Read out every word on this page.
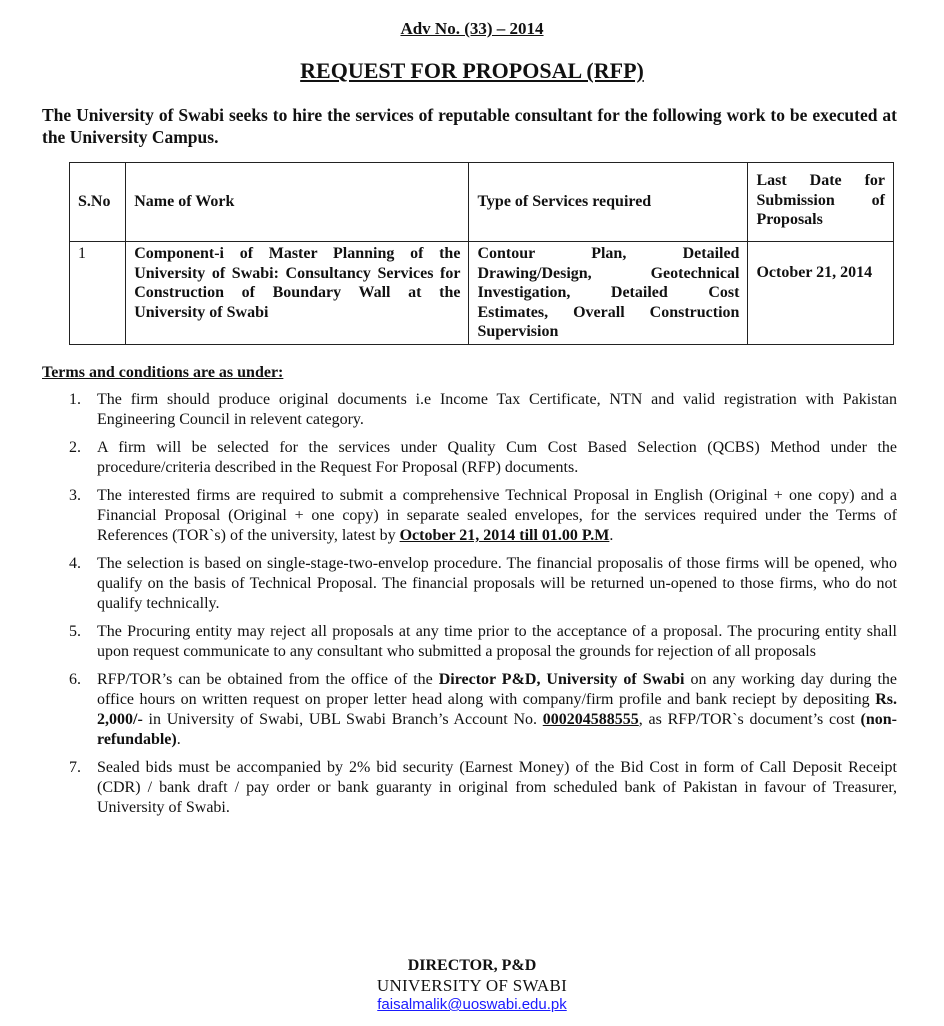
Adv No. (33) – 2014
REQUEST FOR PROPOSAL (RFP)
The University of Swabi seeks to hire the services of reputable consultant for the following work to be executed at the University Campus.
S.No	Name of Work	Type of Services required	Last Date for Submission of Proposals
1	Component-i of Master Planning of the University of Swabi: Consultancy Services for Construction of Boundary Wall at the University of Swabi	Contour Plan, Detailed Drawing/Design, Geotechnical Investigation, Detailed Cost Estimates, Overall Construction Supervision	October 21, 2014
Terms and conditions are as under:
1. The firm should produce original documents i.e Income Tax Certificate, NTN and valid registration with Pakistan Engineering Council in relevent category.
2. A firm will be selected for the services under Quality Cum Cost Based Selection (QCBS) Method under the procedure/criteria described in the Request For Proposal (RFP) documents.
3. The interested firms are required to submit a comprehensive Technical Proposal in English (Original + one copy) and a Financial Proposal (Original + one copy) in separate sealed envelopes, for the services required under the Terms of References (TOR`s) of the university, latest by October 21, 2014 till 01.00 P.M.
4. The selection is based on single-stage-two-envelop procedure. The financial proposalis of those firms will be opened, who qualify on the basis of Technical Proposal. The financial proposals will be returned un-opened to those firms, who do not qualify technically.
5. The Procuring entity may reject all proposals at any time prior to the acceptance of a proposal. The procuring entity shall upon request communicate to any consultant who submitted a proposal the grounds for rejection of all proposals
6. RFP/TOR’s can be obtained from the office of the Director P&D, University of Swabi on any working day during the office hours on written request on proper letter head along with company/firm profile and bank reciept by depositing Rs. 2,000/- in University of Swabi, UBL Swabi Branch’s Account No. 000204588555, as RFP/TOR`s document’s cost (non-refundable).
7. Sealed bids must be accompanied by 2% bid security (Earnest Money) of the Bid Cost in form of Call Deposit Receipt (CDR) / bank draft / pay order or bank guaranty in original from scheduled bank of Pakistan in favour of Treasurer, University of Swabi.
DIRECTOR, P&D
UNIVERSITY OF SWABI
faisalmalik@uoswabi.edu.pk
